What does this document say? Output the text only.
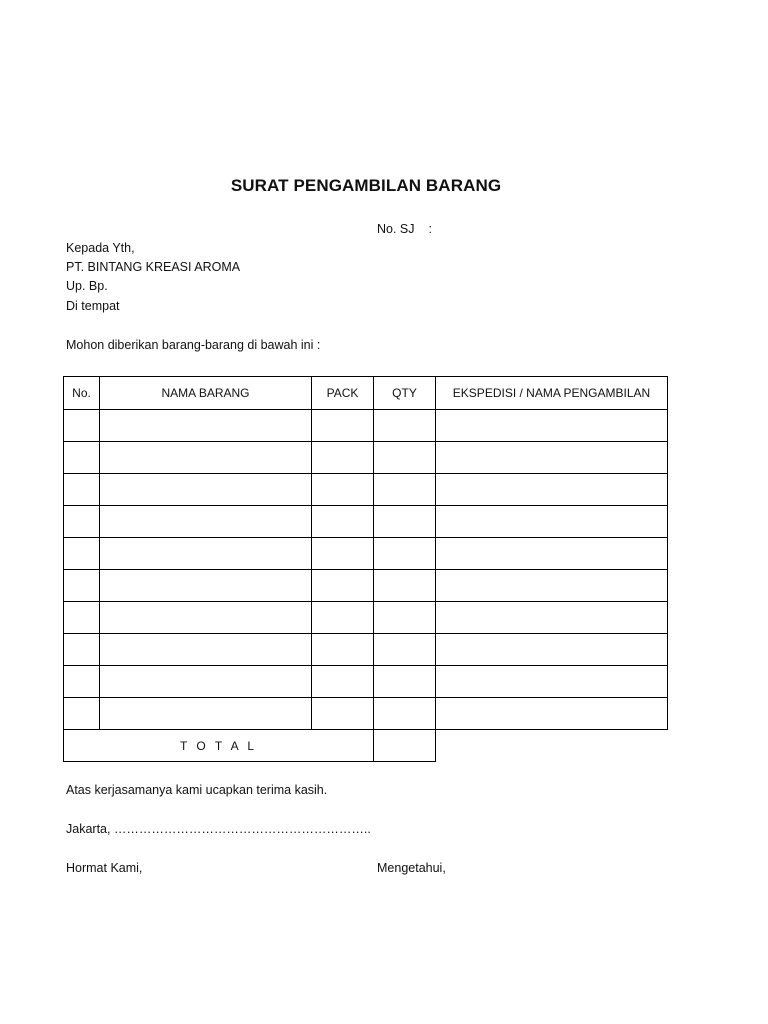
SURAT PENGAMBILAN BARANG
No. SJ :
Kepada Yth,
PT. BINTANG KREASI AROMA
Up. Bp.
Di tempat
Mohon diberikan barang-barang di bawah ini :
No.	NAMA BARANG	PACK	QTY	EKSPEDISI / NAMA PENGAMBILAN

T O T A L				
Atas kerjasamanya kami ucapkan terima kasih.
Jakarta, ……………………………………………………..
Hormat Kami,	Mengetahui,
